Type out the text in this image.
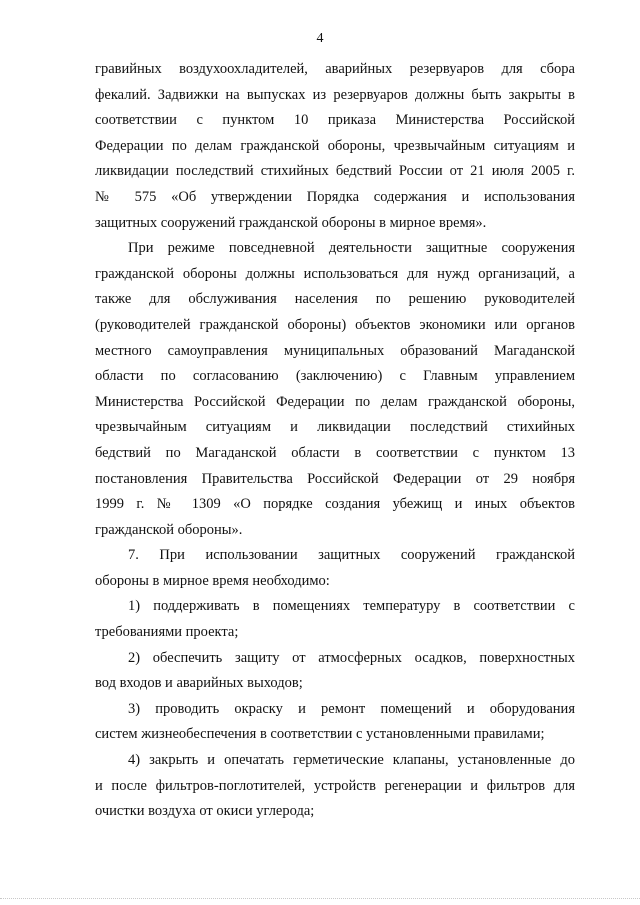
4
гравийных воздухоохладителей, аварийных резервуаров для сбора
фекалий. Задвижки на выпусках из резервуаров должны быть закрыты в
соответствии с пунктом 10 приказа Министерства Российской
Федерации по делам гражданской обороны, чрезвычайным ситуациям и
ликвидации последствий стихийных бедствий России от 21 июля 2005 г.
№ 575 «Об утверждении Порядка содержания и использования
защитных сооружений гражданской обороны в мирное время».
При режиме повседневной деятельности защитные сооружения
гражданской обороны должны использоваться для нужд организаций, а
также для обслуживания населения по решению руководителей
(руководителей гражданской обороны) объектов экономики или органов
местного самоуправления муниципальных образований Магаданской
области по согласованию (заключению) с Главным управлением
Министерства Российской Федерации по делам гражданской обороны,
чрезвычайным ситуациям и ликвидации последствий стихийных
бедствий по Магаданской области в соответствии с пунктом 13
постановления Правительства Российской Федерации от 29 ноября
1999 г. № 1309 «О порядке создания убежищ и иных объектов
гражданской обороны».
7. При использовании защитных сооружений гражданской
обороны в мирное время необходимо:
1) поддерживать в помещениях температуру в соответствии с
требованиями проекта;
2) обеспечить защиту от атмосферных осадков, поверхностных
вод входов и аварийных выходов;
3) проводить окраску и ремонт помещений и оборудования
систем жизнеобеспечения в соответствии с установленными правилами;
4) закрыть и опечатать герметические клапаны, установленные до
и после фильтров-поглотителей, устройств регенерации и фильтров для
очистки воздуха от окиси углерода;
